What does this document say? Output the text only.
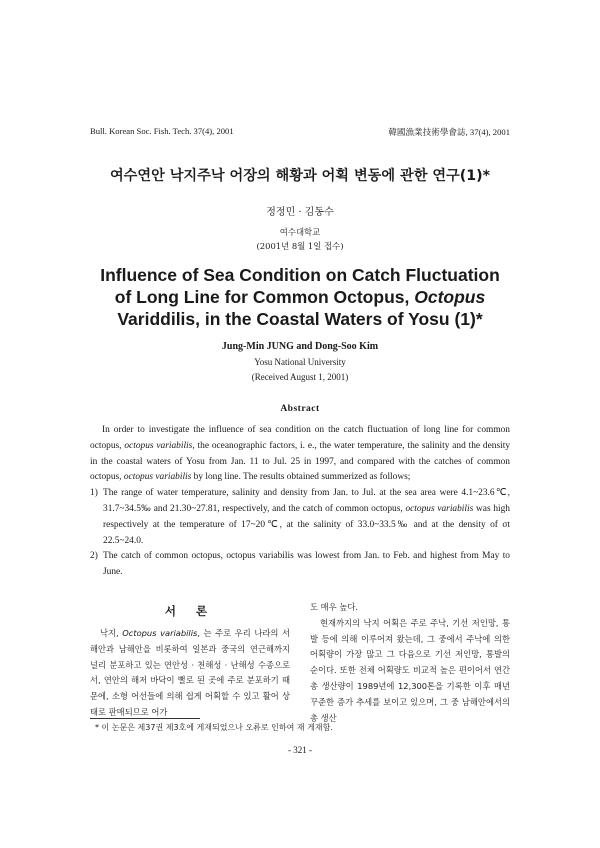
Bull. Korean Soc. Fish. Tech. 37(4), 2001	韓國漁業技術學會誌, 37(4), 2001
여수연안 낙지주낙 어장의 해황과 어획 변동에 관한 연구(1)*
정정민 · 김동수
여수대학교
(2001년 8월 1일 접수)
Influence of Sea Condition on Catch Fluctuation
of Long Line for Common Octopus, Octopus
Variddilis, in the Coastal Waters of Yosu (1)*
Jung-Min JUNG and Dong-Soo Kim
Yosu National University
(Received August 1, 2001)
Abstract

In order to investigate the influence of sea condition on the catch fluctuation of long line for common octopus, octopus variabilis, the oceanographic factors, i. e., the water temperature, the salinity and the density in the coastal waters of Yosu from Jan. 11 to Jul. 25 in 1997, and compared with the catches of common octopus, octopus variabilis by long line. The results obtained summerized as follows;

1) The range of water temperature, salinity and density from Jan. to Jul. at the sea area were 4.1~23.6℃, 31.7~34.5‰ and 21.30~27.81, respectively, and the catch of common octopus, octopus variabilis was high respectively at the temperature of 17~20℃, at the salinity of 33.0~33.5‰ and at the density of σt 22.5~24.0.
2) The catch of common octopus, octopus variabilis was lowest from Jan. to Feb. and highest from May to June.
서 론

낙지, Octopus variabilis, 는 주로 우리 나라의 서해안과 남해안을 비롯하여 일본과 중국의 연근해까지 널리 분포하고 있는 연안성 · 천해성 · 난해성 수종으로서, 연안의 해저 바닥이 뻘로 된 곳에 주로 분포하기 때문에, 소형 어선들에 의해 쉽게 어획할 수 있고 활어 상태로 판매되므로 어가

도 매우 높다.

현재까지의 낙지 어획은 주로 주낙, 기선 저인망, 통발 등에 의해 이루어져 왔는데, 그 중에서 주낙에 의한 어획량이 가장 많고 그 다음으로 기선 저인망, 통발의 순이다. 또한 전체 어획량도 비교적 높은 편이어서 연간 총 생산량이 1989년에 12,300톤을 기록한 이후 매년 꾸준한 증가 추세를 보이고 있으며, 그 중 남해안에서의 총 생산

* 이 논문은 제37권 제3호에 게재되었으나 오류로 인하여 재 게재함.
- 321 -
